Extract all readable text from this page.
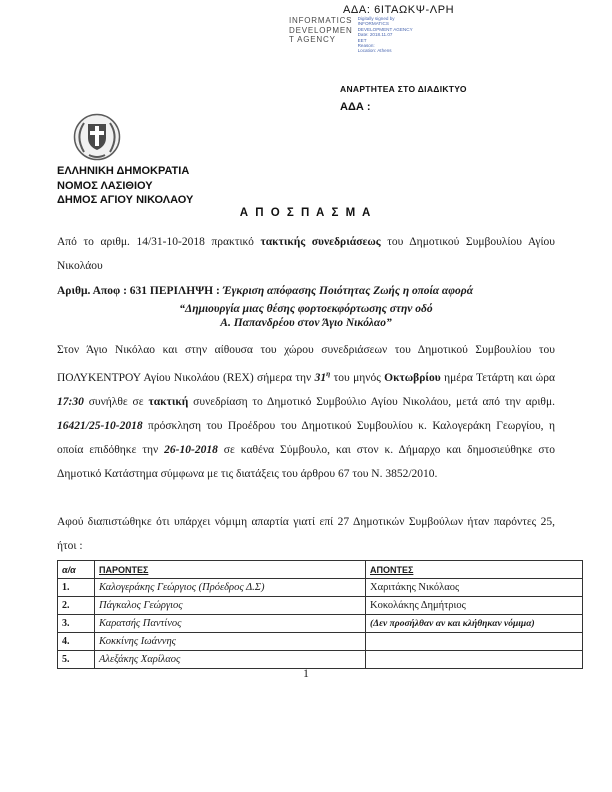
ΑΔΑ: 6ΙΤΑΩΚΨ-ΛΡΗ
INFORMATICS
DEVELOPMEN
T AGENCY
Digitally signed by
INFORMATICS
DEVELOPMENT AGENCY
Date: 2018.11.07
EET
Reason:
Location: Athens
ΑΝΑΡΤΗΤΕΑ ΣΤΟ ΔΙΑΔΙΚΤΥΟ
ΑΔΑ :
ΕΛΛΗΝΙΚΗ ΔΗΜΟΚΡΑΤΙΑ
ΝΟΜΟΣ ΛΑΣΙΘΙΟΥ
ΔΗΜΟΣ ΑΓΙΟΥ ΝΙΚΟΛΑΟΥ
Α Π Ο Σ Π Α Σ Μ Α

Από το αριθμ. 14/31-10-2018 πρακτικό τακτικής συνεδριάσεως του Δημοτικού Συμβουλίου Αγίου Νικολάου

Αριθμ. Αποφ : 631 ΠΕΡΙΛΗΨΗ : Έγκριση απόφασης Ποιότητας Ζωής η οποία αφορά
“Δημιουργία μιας θέσης φορτοεκφόρτωσης στην οδό
Α. Παπανδρέου στον Άγιο Νικόλαο”

Στον Άγιο Νικόλαο και στην αίθουσα του χώρου συνεδριάσεων του Δημοτικού Συμβουλίου του ΠΟΛΥΚΕΝΤΡΟΥ Αγίου Νικολάου (REX) σήμερα την $31^\eta$ του μηνός Οκτωβρίου ημέρα Τετάρτη και ώρα 17:30 συνήλθε σε τακτική συνεδρίαση το Δημοτικό Συμβούλιο Αγίου Νικολάου, μετά από την αριθμ. 16421/25-10-2018 πρόσκληση του Προέδρου του Δημοτικού Συμβουλίου κ. Καλογεράκη Γεωργίου, η οποία επιδόθηκε την 26-10-2018 σε καθένα Σύμβουλο, και στον κ. Δήμαρχο και δημοσιεύθηκε στο Δημοτικό Κατάστημα σύμφωνα με τις διατάξεις του άρθρου 67 του Ν. 3852/2010.

Αφού διαπιστώθηκε ότι υπάρχει νόμιμη απαρτία γιατί επί 27 Δημοτικών Συμβούλων ήταν παρόντες 25, ήτοι :

α/α	ΠΑΡΟΝΤΕΣ	ΑΠΟΝΤΕΣ
1.	Καλογεράκης Γεώργιος (Πρόεδρος Δ.Σ)	Χαριτάκης Νικόλαος
2.	Πάγκαλος Γεώργιος	Κοκολάκης Δημήτριος
3.	Καρατσής Παντίνος	(Δεν προσήλθαν αν και κλήθηκαν νόμιμα)
4.	Κοκκίνης Ιωάννης	
5.	Αλεξάκης Χαρίλαος	
1
